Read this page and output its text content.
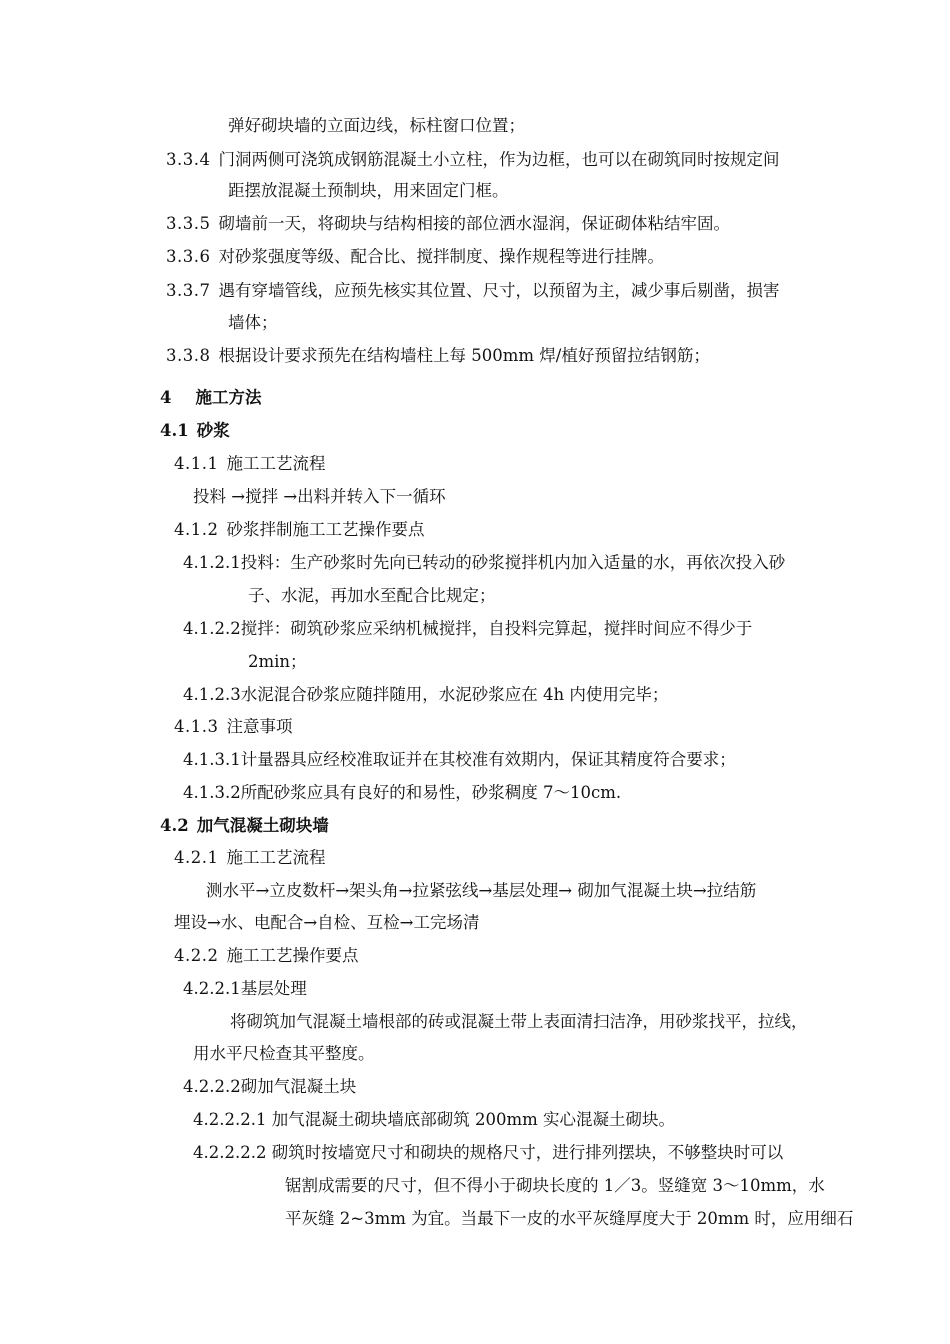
弹好砌块墙的立面边线，标柱窗口位置；
3.3.4 门洞两侧可浇筑成钢筋混凝土小立柱，作为边框，也可以在砌筑同时按规定间
距摆放混凝土预制块，用来固定门框。
3.3.5 砌墙前一天，将砌块与结构相接的部位洒水湿润，保证砌体粘结牢固。
3.3.6 对砂浆强度等级、配合比、搅拌制度、操作规程等进行挂牌。
3.3.7 遇有穿墙管线，应预先核实其位置、尺寸，以预留为主，减少事后剔凿，损害
墙体；
3.3.8 根据设计要求预先在结构墙柱上每 500mm 焊/植好预留拉结钢筋；
4 施工方法
4.1 砂浆
4.1.1 施工工艺流程
投料 →搅拌 →出料并转入下一循环
4.1.2 砂浆拌制施工工艺操作要点
4.1.2.1投料：生产砂浆时先向已转动的砂浆搅拌机内加入适量的水，再依次投入砂
子、水泥，再加水至配合比规定；
4.1.2.2搅拌：砌筑砂浆应采纳机械搅拌，自投料完算起，搅拌时间应不得少于
2min；
4.1.2.3水泥混合砂浆应随拌随用，水泥砂浆应在 4h 内使用完毕；
4.1.3 注意事项
4.1.3.1计量器具应经校准取证并在其校准有效期内，保证其精度符合要求；
4.1.3.2所配砂浆应具有良好的和易性，砂浆稠度 7～10cm.
4.2 加气混凝土砌块墙
4.2.1 施工工艺流程
测水平→立皮数杆→架头角→拉紧弦线→基层处理→ 砌加气混凝土块→拉结筋
埋设→水、电配合→自检、互检→工完场清
4.2.2 施工工艺操作要点
4.2.2.1基层处理
将砌筑加气混凝土墙根部的砖或混凝土带上表面清扫洁净，用砂浆找平，拉线，
用水平尺检查其平整度。
4.2.2.2砌加气混凝土块
4.2.2.2.1 加气混凝土砌块墙底部砌筑 200mm 实心混凝土砌块。
4.2.2.2.2 砌筑时按墙宽尺寸和砌块的规格尺寸，进行排列摆块，不够整块时可以
锯割成需要的尺寸，但不得小于砌块长度的 1／3。竖缝宽 3～10mm，水
平灰缝 2~3mm 为宜。当最下一皮的水平灰缝厚度大于 20mm 时，应用细石
